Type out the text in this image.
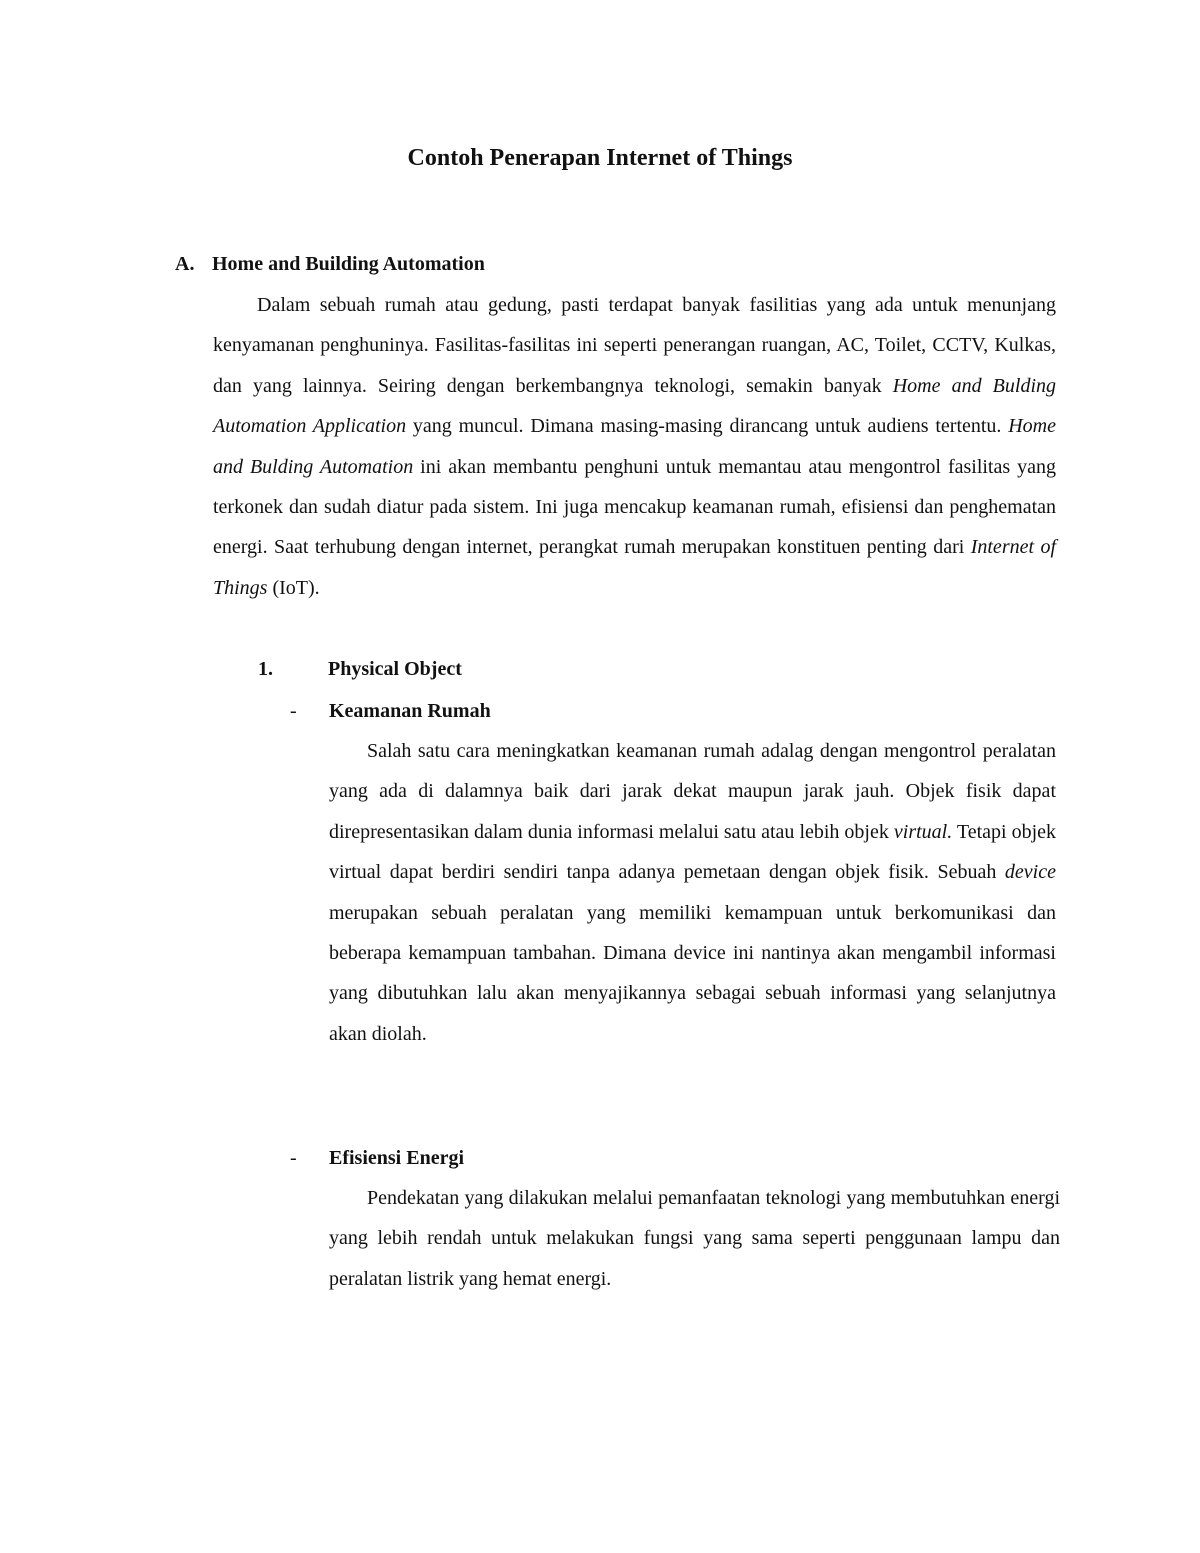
Contoh Penerapan Internet of Things
A. Home and Building Automation

Dalam sebuah rumah atau gedung, pasti terdapat banyak fasilitias yang ada untuk menunjang kenyamanan penghuninya. Fasilitas-fasilitas ini seperti penerangan ruangan, AC, Toilet, CCTV, Kulkas, dan yang lainnya. Seiring dengan berkembangnya teknologi, semakin banyak Home and Bulding Automation Application yang muncul. Dimana masing-masing dirancang untuk audiens tertentu. Home and Bulding Automation ini akan membantu penghuni untuk memantau atau mengontrol fasilitas yang terkonek dan sudah diatur pada sistem. Ini juga mencakup keamanan rumah, efisiensi dan penghematan energi. Saat terhubung dengan internet, perangkat rumah merupakan konstituen penting dari Internet of Things (IoT).

1.	Physical Object
- Keamanan Rumah

Salah satu cara meningkatkan keamanan rumah adalag dengan mengontrol peralatan yang ada di dalamnya baik dari jarak dekat maupun jarak jauh. Objek fisik dapat direpresentasikan dalam dunia informasi melalui satu atau lebih objek virtual. Tetapi objek virtual dapat berdiri sendiri tanpa adanya pemetaan dengan objek fisik. Sebuah device merupakan sebuah peralatan yang memiliki kemampuan untuk berkomunikasi dan beberapa kemampuan tambahan. Dimana device ini nantinya akan mengambil informasi yang dibutuhkan lalu akan menyajikannya sebagai sebuah informasi yang selanjutnya akan diolah.

- Efisiensi Energi

Pendekatan yang dilakukan melalui pemanfaatan teknologi yang membutuhkan energi yang lebih rendah untuk melakukan fungsi yang sama seperti penggunaan lampu dan peralatan listrik yang hemat energi.
